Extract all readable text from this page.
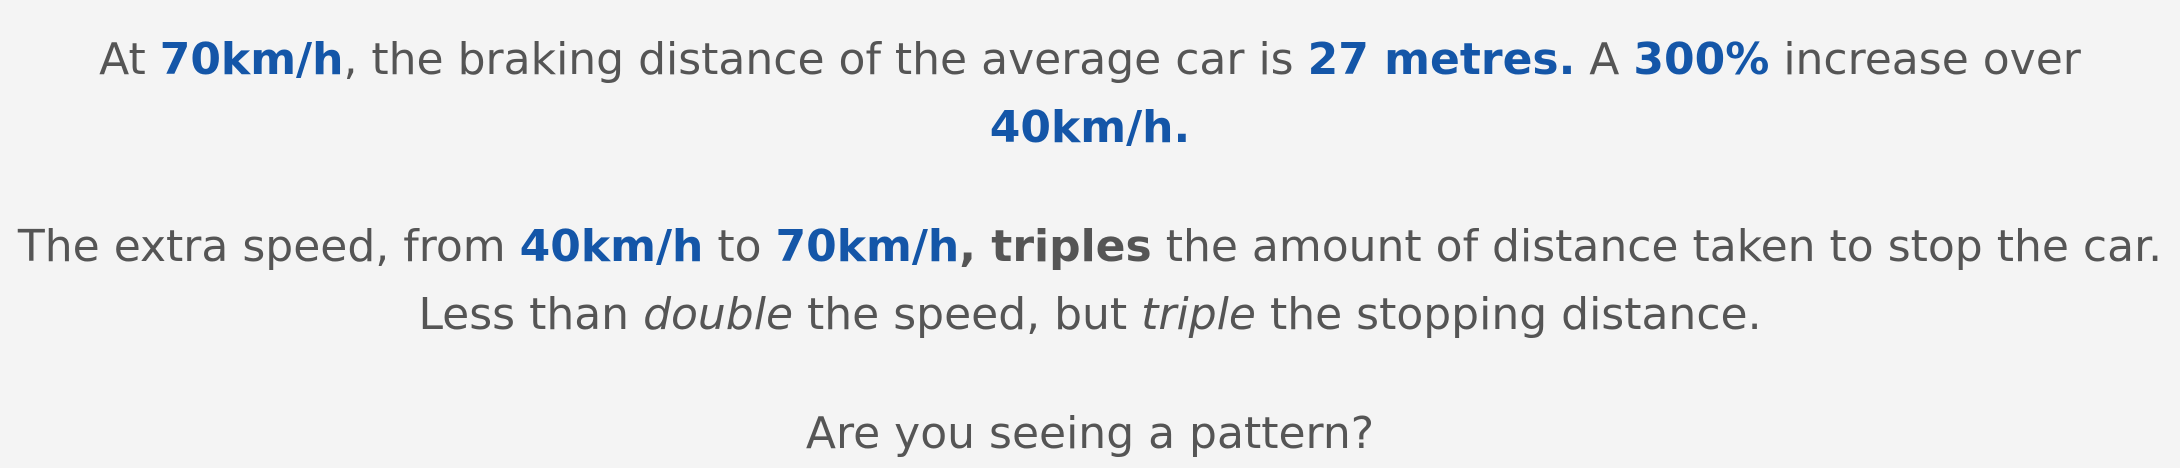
At 70km/h, the braking distance of the average car is 27 metres. A 300% increase over 40km/h.

The extra speed, from 40km/h to 70km/h, triples the amount of distance taken to stop the car. Less than double the speed, but triple the stopping distance.

Are you seeing a pattern?
